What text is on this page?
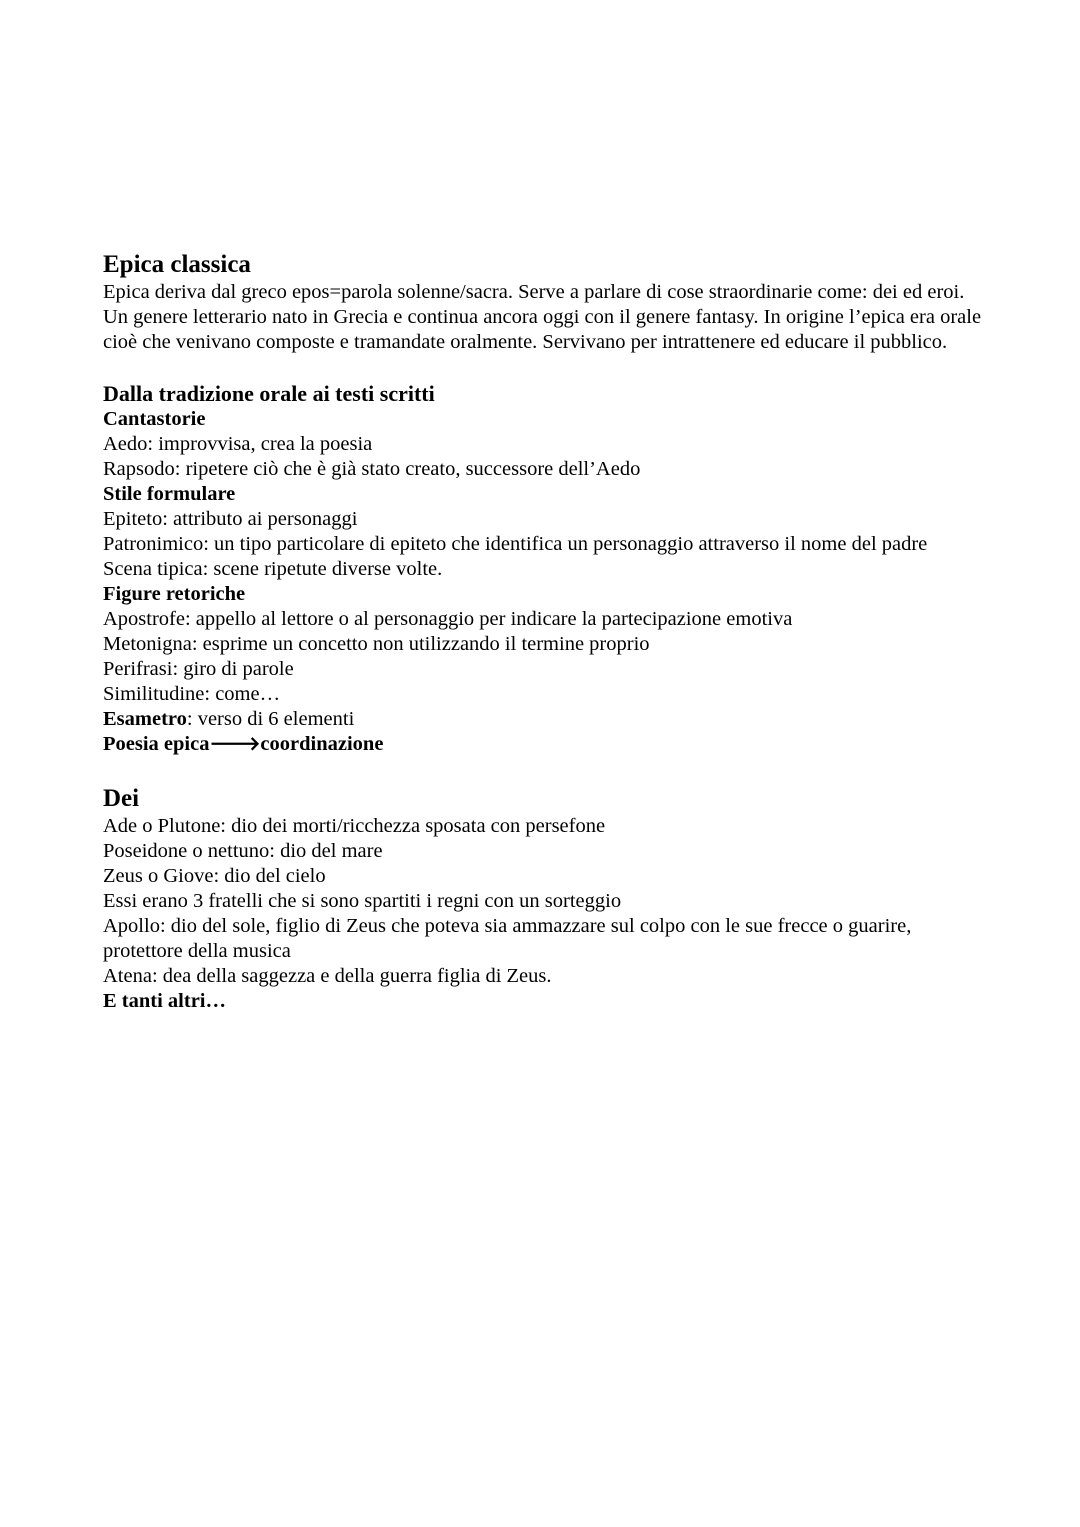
Epica classica

Epica deriva dal greco epos=parola solenne/sacra. Serve a parlare di cose straordinarie come: dei ed eroi. Un genere letterario nato in Grecia e continua ancora oggi con il genere fantasy. In origine l’epica era orale cioè che venivano composte e tramandate oralmente. Servivano per intrattenere ed educare il pubblico.

Dalla tradizione orale ai testi scritti

Cantastorie

Aedo: improvvisa, crea la poesia

Rapsodo: ripetere ciò che è già stato creato, successore dell’Aedo

Stile formulare

Epiteto: attributo ai personaggi

Patronimico: un tipo particolare di epiteto che identifica un personaggio attraverso il nome del padre

Scena tipica: scene ripetute diverse volte.

Figure retoriche

Apostrofe: appello al lettore o al personaggio per indicare la partecipazione emotiva

Metonigna: esprime un concetto non utilizzando il termine proprio

Perifrasi: giro di parole

Similitudine: come…

Esametro: verso di 6 elementi

Poesia epica🡒coordinazione

Dei

Ade o Plutone: dio dei morti/ricchezza sposata con persefone

Poseidone o nettuno: dio del mare

Zeus o Giove: dio del cielo

Essi erano 3 fratelli che si sono spartiti i regni con un sorteggio

Apollo: dio del sole, figlio di Zeus che poteva sia ammazzare sul colpo con le sue frecce o guarire, protettore della musica

Atena: dea della saggezza e della guerra figlia di Zeus.

E tanti altri…
